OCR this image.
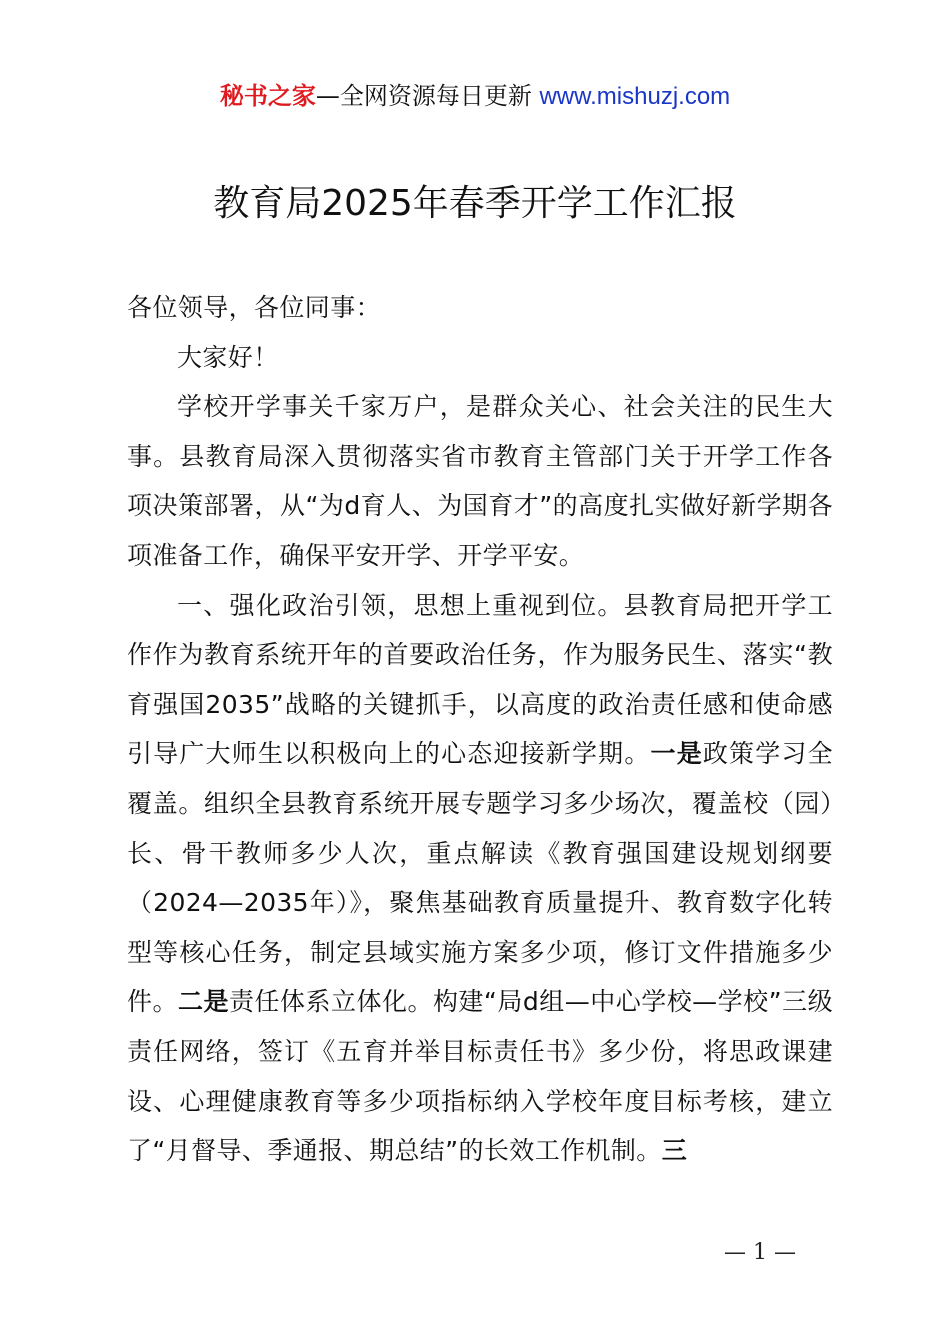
秘书之家—全网资源每日更新 www.mishuzj.com
教育局2025年春季开学工作汇报

各位领导，各位同事：

大家好！

学校开学事关千家万户，是群众关心、社会关注的民生大事。县教育局深入贯彻落实省市教育主管部门关于开学工作各项决策部署，从“为d育人、为国育才”的高度扎实做好新学期各项准备工作，确保平安开学、开学平安。

一、强化政治引领，思想上重视到位。县教育局把开学工作作为教育系统开年的首要政治任务，作为服务民生、落实“教育强国2035”战略的关键抓手，以高度的政治责任感和使命感引导广大师生以积极向上的心态迎接新学期。一是政策学习全覆盖。组织全县教育系统开展专题学习多少场次，覆盖校（园）长、骨干教师多少人次，重点解读《教育强国建设规划纲要（2024—2035年）》，聚焦基础教育质量提升、教育数字化转型等核心任务，制定县域实施方案多少项，修订文件措施多少件。二是责任体系立体化。构建“局d组—中心学校—学校”三级责任网络，签订《五育并举目标责任书》多少份，将思政课建设、心理健康教育等多少项指标纳入学校年度目标考核，建立了“月督导、季通报、期总结”的长效工作机制。三

— 1 —
